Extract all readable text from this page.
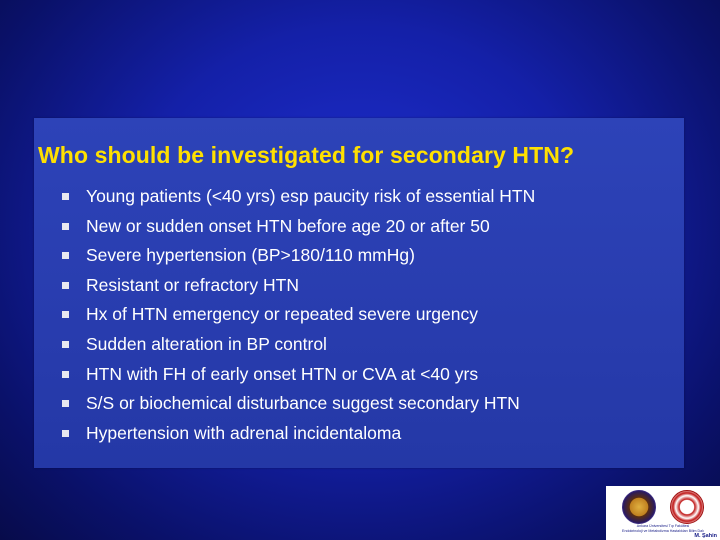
Who should be investigated for secondary HTN?
Young patients (<40 yrs) esp paucity risk of essential HTN
New or sudden onset HTN before age 20 or after 50
Severe hypertension (BP>180/110 mmHg)
Resistant or refractory HTN
Hx of HTN emergency or repeated severe urgency
Sudden alteration in BP control
HTN with FH of early onset HTN or CVA at <40 yrs
S/S or biochemical disturbance suggest secondary HTN
Hypertension with adrenal incidentaloma
Ankara Üniversitesi Tıp Fakültesi
Endokrinoloji ve Metabolizma Hastalıkları Bilim Dalı
M. Şahin
